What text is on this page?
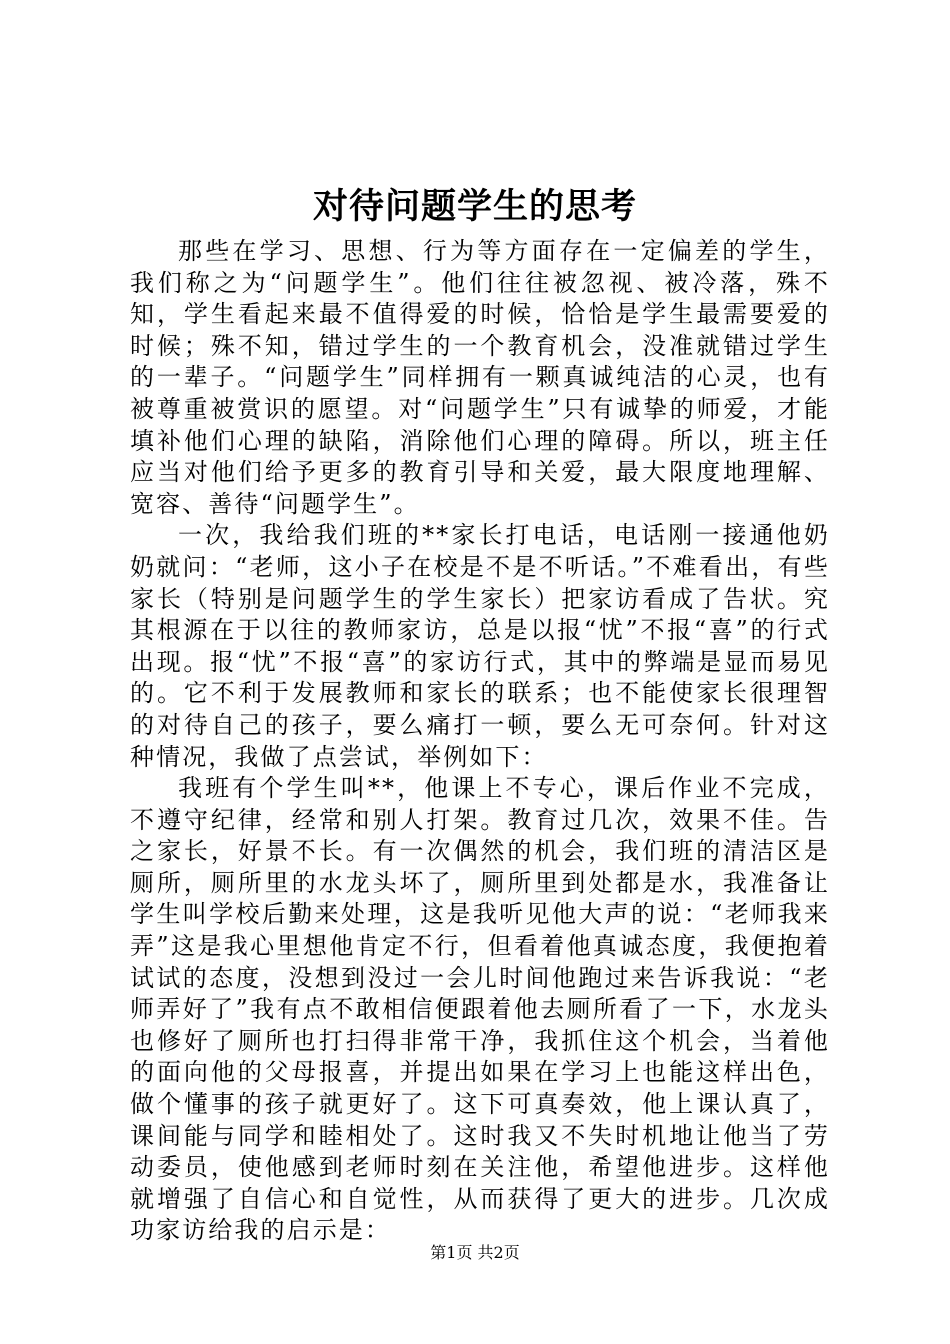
对待问题学生的思考

那些在学习、思想、行为等方面存在一定偏差的学生，我们称之为“问题学生”。他们往往被忽视、被冷落，殊不知，学生看起来最不值得爱的时候，恰恰是学生最需要爱的时候；殊不知，错过学生的一个教育机会，没准就错过学生的一辈子。“问题学生”同样拥有一颗真诚纯洁的心灵，也有被尊重被赏识的愿望。对“问题学生”只有诚挚的师爱，才能填补他们心理的缺陷，消除他们心理的障碍。所以，班主任应当对他们给予更多的教育引导和关爱，最大限度地理解、宽容、善待“问题学生”。

一次，我给我们班的**家长打电话，电话刚一接通他奶奶就问：“老师，这小子在校是不是不听话。”不难看出，有些家长（特别是问题学生的学生家长）把家访看成了告状。究其根源在于以往的教师家访，总是以报“忧”不报“喜”的行式出现。报“忧”不报“喜”的家访行式，其中的弊端是显而易见的。它不利于发展教师和家长的联系；也不能使家长很理智的对待自己的孩子，要么痛打一顿，要么无可奈何。针对这种情况，我做了点尝试，举例如下：

我班有个学生叫**，他课上不专心，课后作业不完成，不遵守纪律，经常和别人打架。教育过几次，效果不佳。告之家长，好景不长。有一次偶然的机会，我们班的清洁区是厕所，厕所里的水龙头坏了，厕所里到处都是水，我准备让学生叫学校后勤来处理，这是我听见他大声的说：“老师我来弄”这是我心里想他肯定不行，但看着他真诚态度，我便抱着试试的态度，没想到没过一会儿时间他跑过来告诉我说：“老师弄好了”我有点不敢相信便跟着他去厕所看了一下，水龙头也修好了厕所也打扫得非常干净，我抓住这个机会，当着他的面向他的父母报喜，并提出如果在学习上也能这样出色，做个懂事的孩子就更好了。这下可真奏效，他上课认真了，课间能与同学和睦相处了。这时我又不失时机地让他当了劳动委员，使他感到老师时刻在关注他，希望他进步。这样他就增强了自信心和自觉性，从而获得了更大的进步。几次成功家访给我的启示是：

第1页 共2页
